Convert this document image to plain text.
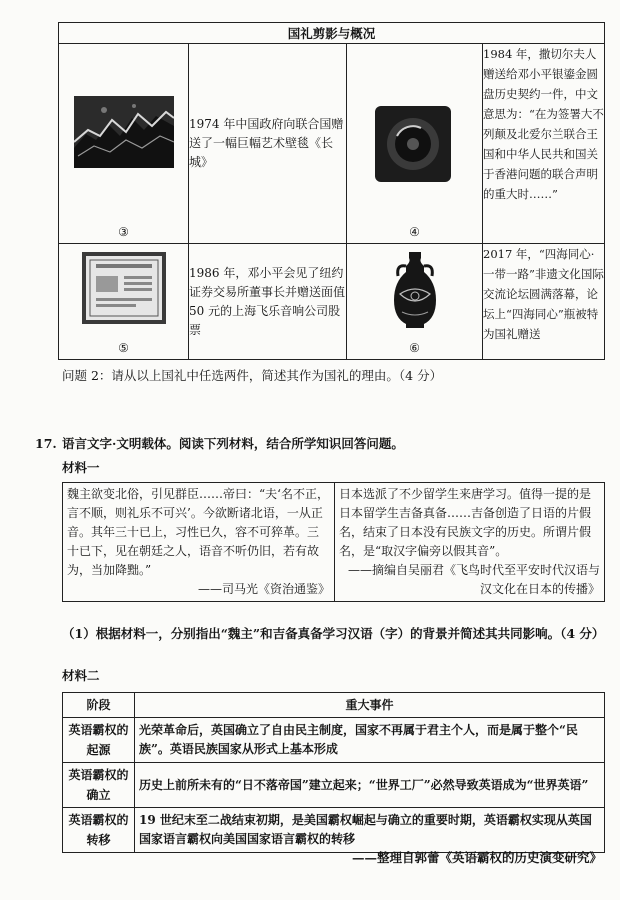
国礼剪影与概况			

③	1974 年中国政府向联合国赠送了一幅巨幅艺术壁毯《长城》	④	1984 年，撒切尔夫人赠送给邓小平银鎏金圆盘历史契约一件，中文意思为：“在为签署大不列颠及北爱尔兰联合王国和中华人民共和国关于香港问题的联合声明的重大时……”

⑤	1986 年，邓小平会见了纽约证券交易所董事长并赠送面值 50 元的上海飞乐音响公司股票	⑥	2017 年，“四海同心·一带一路”非遗文化国际交流论坛圆满落幕，论坛上“四海同心”瓶被特为国礼赠送
问题 2：请从以上国礼中任选两件，简述其作为国礼的理由。（4 分）
17. 语言文字·文明载体。阅读下列材料，结合所学知识回答问题。
材料一
魏主欲变北俗，引见群臣……帝曰：“夫‘名不正，言不顺，则礼乐不可兴’。今欲断诸北语，一从正音。其年三十已上，习性已久，容不可猝革。三十已下，见在朝廷之人，语音不听仍旧，若有故为，当加降黜。”
——司马光《资治通鉴》

日本选派了不少留学生来唐学习。值得一提的是日本留学生吉备真备……吉备创造了日语的片假名，结束了日本没有民族文字的历史。所谓片假名，是“取汉字偏旁以假其音”。
——摘编自吴丽君《飞鸟时代至平安时代汉语与汉文化在日本的传播》
（1）根据材料一，分别指出“魏主”和吉备真备学习汉语（字）的背景并简述其共同影响。（4 分）
材料二
阶段	重大事件
英语霸权的起源	光荣革命后，英国确立了自由民主制度，国家不再属于君主个人，而是属于整个“民族”。英语民族国家从形式上基本形成
英语霸权的确立	历史上前所未有的“日不落帝国”建立起来；“世界工厂”必然导致英语成为“世界英语”
英语霸权的转移	19 世纪末至二战结束初期，是美国霸权崛起与确立的重要时期，英语霸权实现从英国国家语言霸权向美国国家语言霸权的转移
——整理自郭蕾《英语霸权的历史演变研究》
